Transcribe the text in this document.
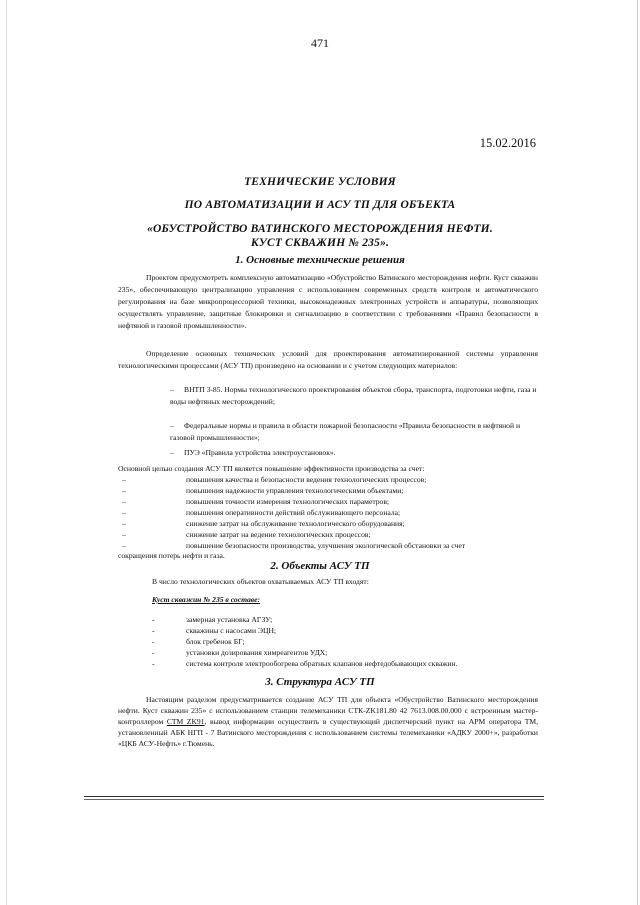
471
15.02.2016
ТЕХНИЧЕСКИЕ УСЛОВИЯ
ПО АВТОМАТИЗАЦИИ И АСУ ТП ДЛЯ ОБЪЕКТА
«ОБУСТРОЙСТВО ВАТИНСКОГО МЕСТОРОЖДЕНИЯ НЕФТИ.
КУСТ СКВАЖИН № 235».
1. Основные технические решения
Проектом предусмотреть комплексную автоматизацию «Обустройство Ватинского месторождения нефти. Куст скважин 235», обеспечивающую централизацию управления с использованием современных средств контроля и автоматического регулирования на базе микропроцессорной техники, высоконадежных электронных устройств и аппаратуры, позволяющих осуществлять управление, защитные блокировки и сигнализацию в соответствии с требованиями «Правил безопасности в нефтяной и газовой промышленности».
Определение основных технических условий для проектирования автоматизированной системы управления технологическими процессами (АСУ ТП) произведено на основании и с учетом следующих материалов:
– ВНТП 3-85. Нормы технологического проектирования объектов сбора, транспорта, подготовки нефти, газа и воды нефтяных месторождений;
– Федеральные нормы и правила в области пожарной безопасности «Правила безопасности в нефтяной и газовой промышленности»;
– ПУЭ «Правила устройства электроустановок».
Основной целью создания АСУ ТП является повышение эффективности производства за счет:
–	повышения качества и безопасности ведения технологических процессов;
–	повышения надежности управления технологическими объектами;
–	повышения точности измерения технологических параметров;
–	повышения оперативности действий обслуживающего персонала;
–	снижение затрат на обслуживание технологического оборудования;
–	снижение затрат на ведение технологических процессов;
–	повышение безопасности производства, улучшения экологической обстановки за счет
сокращения потерь нефти и газа.
2. Объекты АСУ ТП
В число технологических объектов охватываемых АСУ ТП входят:
Куст скважин № 235 в составе:
-	замерная установка АГЗУ;
-	скважины с насосами ЭЦН;
-	блок гребенок БГ;
-	установки дозирования химреагентов УДХ;
-	система контроля электрообогрева обратных клапанов нефтедобывающих скважин.
3. Структура АСУ ТП
Настоящим разделом предусматривается создание АСУ ТП для объекта «Обустройство Ватинского месторождения нефти. Куст скважин 235» с использованием станции телемеханики СТК-ZK181.80 42 7613.008.00.000 с встроенным мастер-контроллером СТМ ZK91, вывод информации осуществить в существующий диспетчерский пункт на АРМ оператора ТМ, установленный АБК НГП - 7 Ватинского месторождения с использованием системы телемеханики «АДКУ 2000+», разработки «ЦКБ АСУ-Нефть» г.Тюмень.
